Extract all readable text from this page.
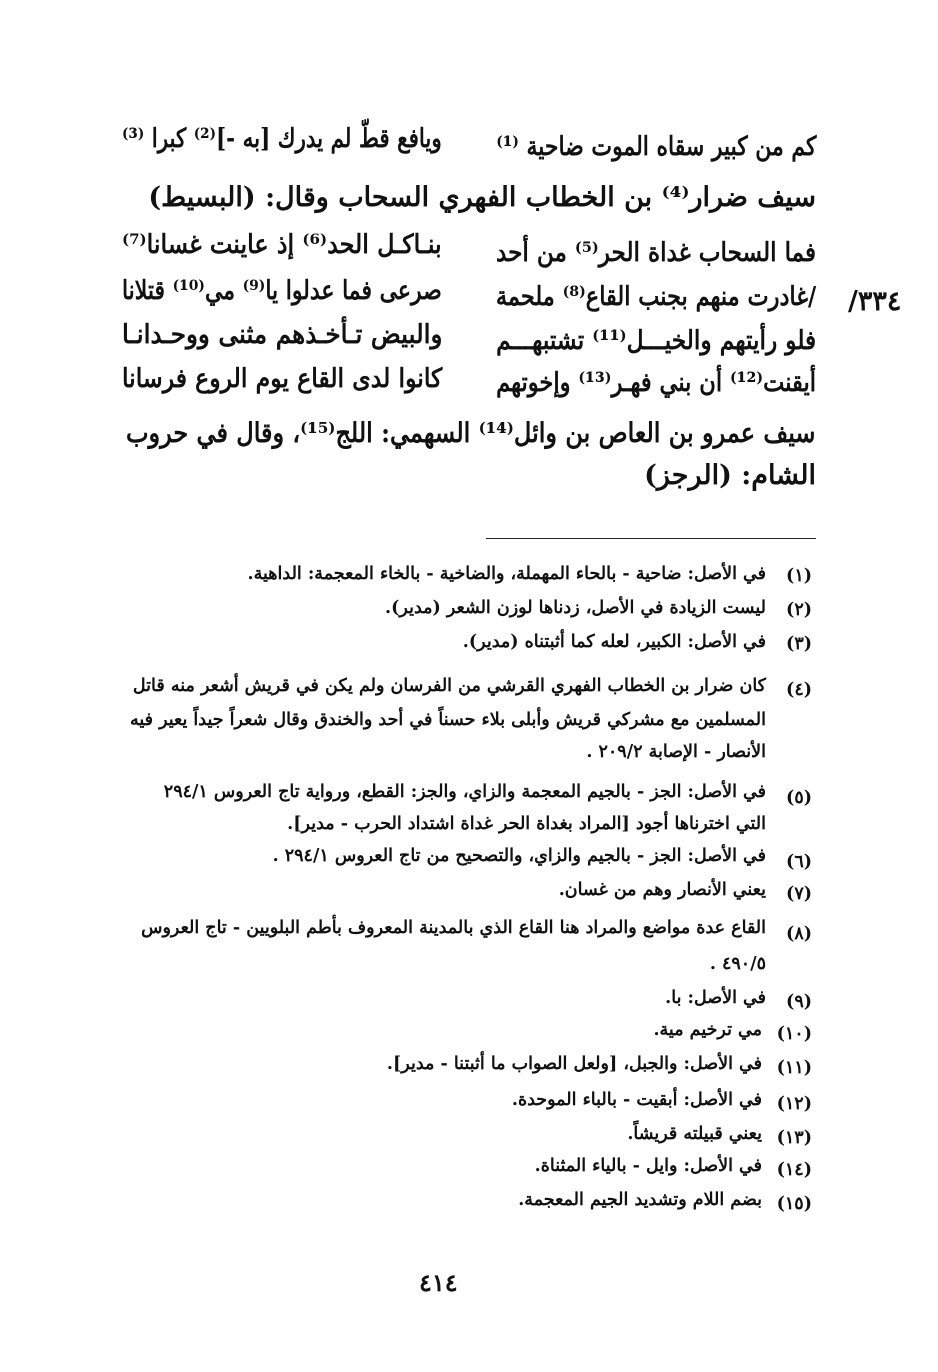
كم من كبير سقاه الموت ضاحية ⁽¹⁾
ويافع قطّ لم يدرك [به -]⁽²⁾ كبرا ⁽³⁾
سيف ضرار⁽⁴⁾ بن الخطاب الفهري السحاب وقال: (البسيط)
فما السحاب غداة الحر⁽⁵⁾ من أحد
بنـاكـل الحد⁽⁶⁾ إذ عاينت غسانا⁽⁷⁾
/غادرت منهم بجنب القاع⁽⁸⁾ ملحمة
صرعى فما عدلوا يا⁽⁹⁾ مي⁽¹⁰⁾ قتلانا
فلو رأيتهم والخيـــل⁽¹¹⁾ تشتبهـــم
والبيض تـأخـذهم مثنى ووحـدانـا
أيقنت⁽¹²⁾ أن بني فهـر⁽¹³⁾ وإخوتهم
كانوا لدى القاع يوم الروع فرسانا
سيف عمرو بن العاص بن وائل⁽¹⁴⁾ السهمي: اللج⁽¹⁵⁾، وقال في حروب
الشام: (الرجز)
/٣٣٤
(١)
في الأصل: ضاحية - بالحاء المهملة، والضاخية - بالخاء المعجمة: الداهية.
(٢)
ليست الزيادة في الأصل، زدناها لوزن الشعر (مدير).
(٣)
في الأصل: الكبير، لعله كما أثبتناه (مدير).
(٤)
كان ضرار بن الخطاب الفهري القرشي من الفرسان ولم يكن في قريش أشعر منه قاتل
المسلمين مع مشركي قريش وأبلى بلاء حسناً في أحد والخندق وقال شعراً جيداً يعير فيه
الأنصار - الإصابة ٢٠٩/٢ .
(٥)
في الأصل: الجز - بالجيم المعجمة والزاي، والجز: القطع، ورواية تاج العروس ٢٩٤/١
التي اخترناها أجود [المراد بغداة الحر غداة اشتداد الحرب - مدير].
(٦)
في الأصل: الجز - بالجيم والزاي، والتصحيح من تاج العروس ٢٩٤/١ .
(٧)
يعني الأنصار وهم من غسان.
(٨)
القاع عدة مواضع والمراد هنا القاع الذي بالمدينة المعروف بأطم البلويين - تاج العروس
٤٩٠/٥ .
(٩)
في الأصل: با.
(١٠)
مي ترخيم مية.
(١١)
في الأصل: والجبل، [ولعل الصواب ما أثبتنا - مدير].
(١٢)
في الأصل: أبقيت - بالباء الموحدة.
(١٣)
يعني قبيلته قريشاً.
(١٤)
في الأصل: وايل - بالياء المثناة.
(١٥)
بضم اللام وتشديد الجيم المعجمة.
٤١٤
